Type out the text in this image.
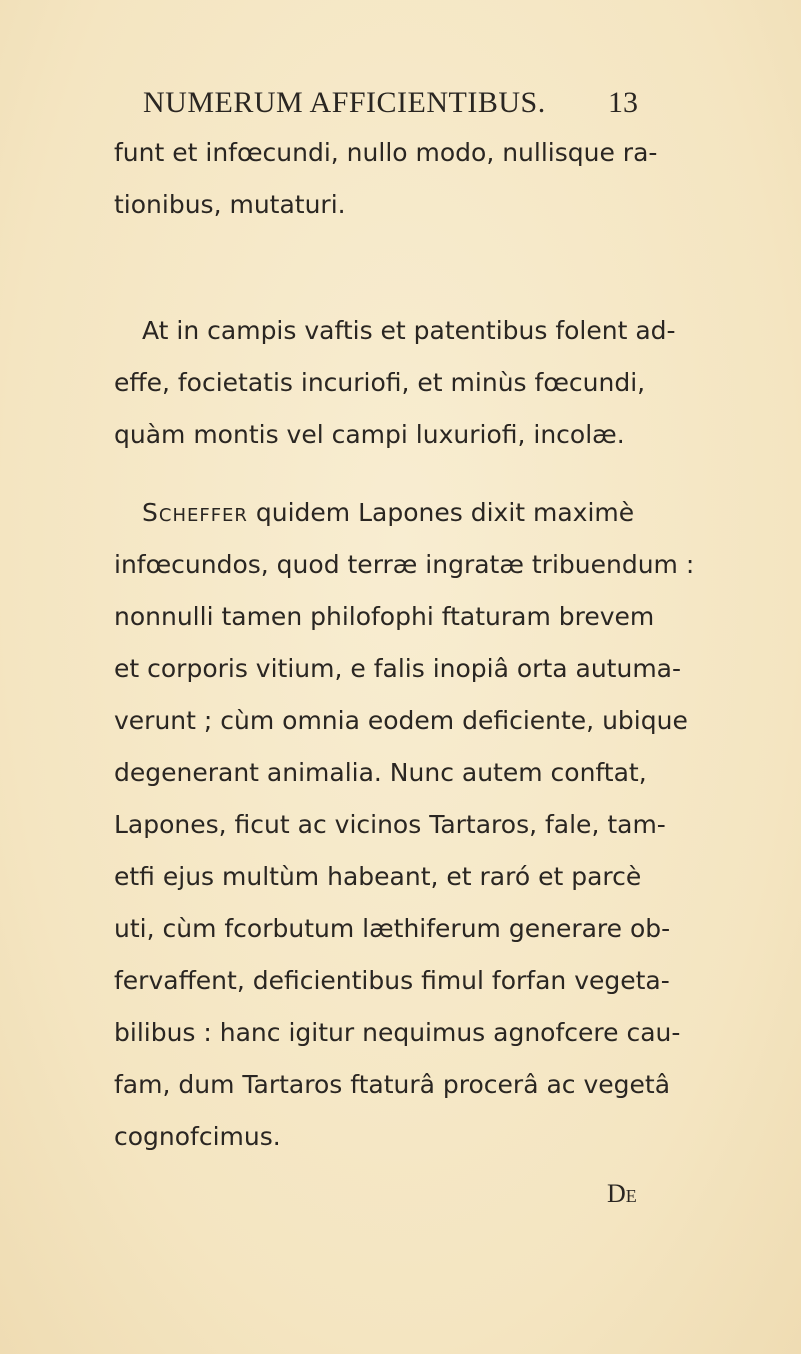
NUMERUM AFFICIENTIBUS.	13
funt et infœcundi, nullo modo, nullisque ra-
tionibus, mutaturi.
At in campis vaftis et patentibus folent ad-
effe, focietatis incuriofi, et minùs fœcundi,
quàm montis vel campi luxuriofi, incolæ.
Scheffer quidem Lapones dixit maximè
infœcundos, quod terræ ingratæ tribuendum :
nonnulli tamen philofophi ftaturam brevem
et corporis vitium, e falis inopiâ orta autuma-
verunt ; cùm omnia eodem deficiente, ubique
degenerant animalia. Nunc autem conftat,
Lapones, ficut ac vicinos Tartaros, fale, tam-
etfi ejus multùm habeant, et raró et parcè
uti, cùm fcorbutum læthiferum generare ob-
fervaffent, deficientibus fimul forfan vegeta-
bilibus : hanc igitur nequimus agnofcere cau-
fam, dum Tartaros ftaturâ procerâ ac vegetâ
cognofcimus.
DE
